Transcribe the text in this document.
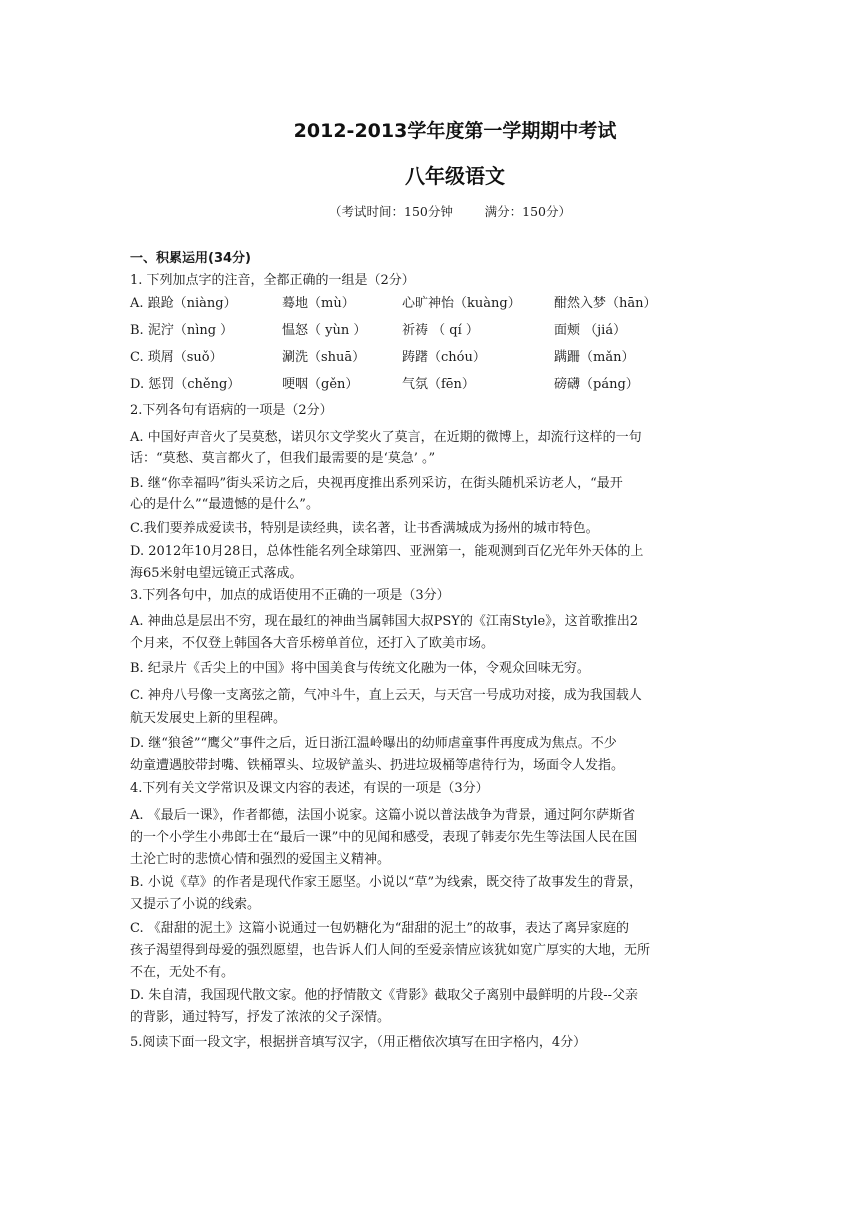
2012-2013学年度第一学期期中考试
八年级语文
（考试时间：150分钟        满分：150分）
一、积累运用(34分)
1. 下列加点字的注音，全都正确的一组是（2分）
A. 踉跄（niàng）	蓦地（mù）	心旷神怡（kuàng）	酣然入梦（hān）
B. 泥泞（nìng ）	愠怒（ yùn ）	祈祷 （ qí ）	面颊 （jiá）
C. 琐屑（suǒ）	涮洗（shuā）	踌躇（chóu）	蹒跚（mǎn）
D. 惩罚（chěng）	哽咽（gěn）	气氛（fēn）	磅礴（páng）
2.下列各句有语病的一项是（2分）
A. 中国好声音火了吴莫愁，诺贝尔文学奖火了莫言，在近期的微博上，却流行这样的一句
话：“莫愁、莫言都火了，但我们最需要的是‘莫急’ 。”
B. 继“你幸福吗”街头采访之后，央视再度推出系列采访，在街头随机采访老人，“最开
心的是什么”“最遗憾的是什么”。
C.我们要养成爱读书，特别是读经典，读名著，让书香满城成为扬州的城市特色。
D. 2012年10月28日，总体性能名列全球第四、亚洲第一，能观测到百亿光年外天体的上
海65米射电望远镜正式落成。
3.下列各句中，加点的成语使用不正确的一项是（3分）
A. 神曲总是层出不穷，现在最红的神曲当属韩国大叔PSY的《江南Style》，这首歌推出2
个月来，不仅登上韩国各大音乐榜单首位，还打入了欧美市场。
B. 纪录片《舌尖上的中国》将中国美食与传统文化融为一体，令观众回味无穷。
C. 神舟八号像一支离弦之箭，气冲斗牛，直上云天，与天宫一号成功对接，成为我国载人
航天发展史上新的里程碑。
D. 继“狼爸”“鹰父”事件之后，近日浙江温岭曝出的幼师虐童事件再度成为焦点。不少
幼童遭遇胶带封嘴、铁桶罩头、垃圾铲盖头、扔进垃圾桶等虐待行为，场面令人发指。
4.下列有关文学常识及课文内容的表述，有误的一项是（3分）
A. 《最后一课》，作者都德，法国小说家。这篇小说以普法战争为背景，通过阿尔萨斯省
的一个小学生小弗郎士在“最后一课”中的见闻和感受，表现了韩麦尔先生等法国人民在国
土沦亡时的悲愤心情和强烈的爱国主义精神。
B. 小说《草》的作者是现代作家王愿坚。小说以“草”为线索，既交待了故事发生的背景，
又提示了小说的线索。
C. 《甜甜的泥土》这篇小说通过一包奶糖化为“甜甜的泥土”的故事，表达了离异家庭的
孩子渴望得到母爱的强烈愿望，也告诉人们人间的至爱亲情应该犹如宽广厚实的大地，无所
不在，无处不有。
D. 朱自清，我国现代散文家。他的抒情散文《背影》截取父子离别中最鲜明的片段--父亲
的背影，通过特写，抒发了浓浓的父子深情。
5.阅读下面一段文字，根据拼音填写汉字，（用正楷依次填写在田字格内，4分）
